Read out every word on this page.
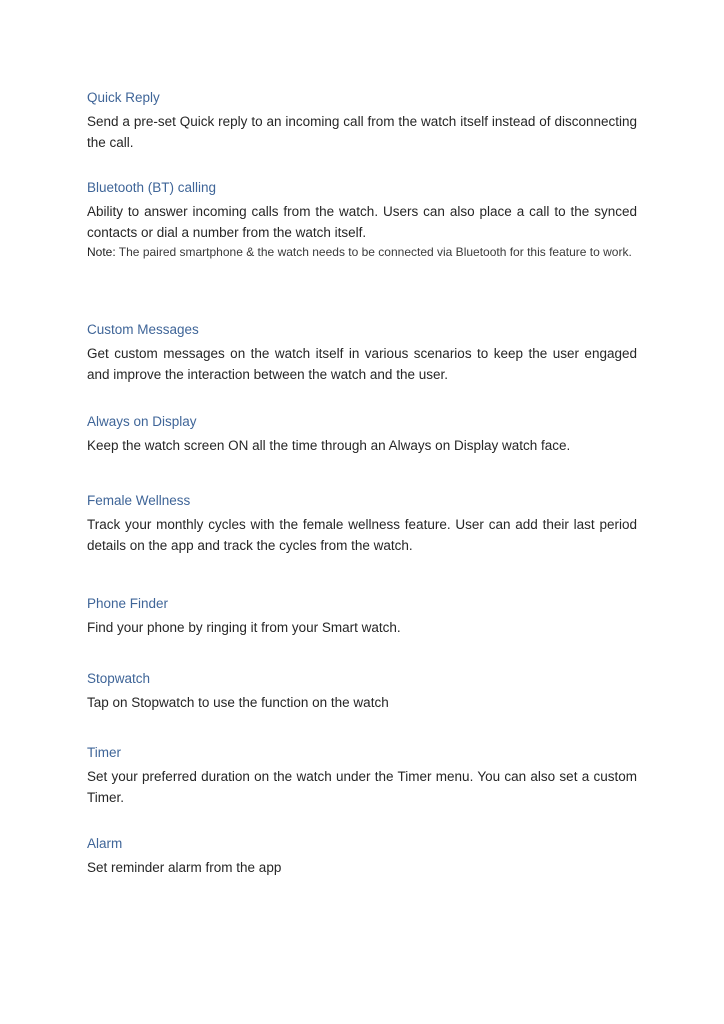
Quick Reply

Send a pre-set Quick reply to an incoming call from the watch itself instead of disconnecting the call.

Bluetooth (BT) calling

Ability to answer incoming calls from the watch. Users can also place a call to the synced contacts or dial a number from the watch itself.

Note: The paired smartphone & the watch needs to be connected via Bluetooth for this feature to work.

Custom Messages

Get custom messages on the watch itself in various scenarios to keep the user engaged and improve the interaction between the watch and the user.

Always on Display

Keep the watch screen ON all the time through an Always on Display watch face.

Female Wellness

Track your monthly cycles with the female wellness feature. User can add their last period details on the app and track the cycles from the watch.

Phone Finder

Find your phone by ringing it from your Smart watch.

Stopwatch

Tap on Stopwatch to use the function on the watch

Timer

Set your preferred duration on the watch under the Timer menu. You can also set a custom Timer.

Alarm

Set reminder alarm from the app
